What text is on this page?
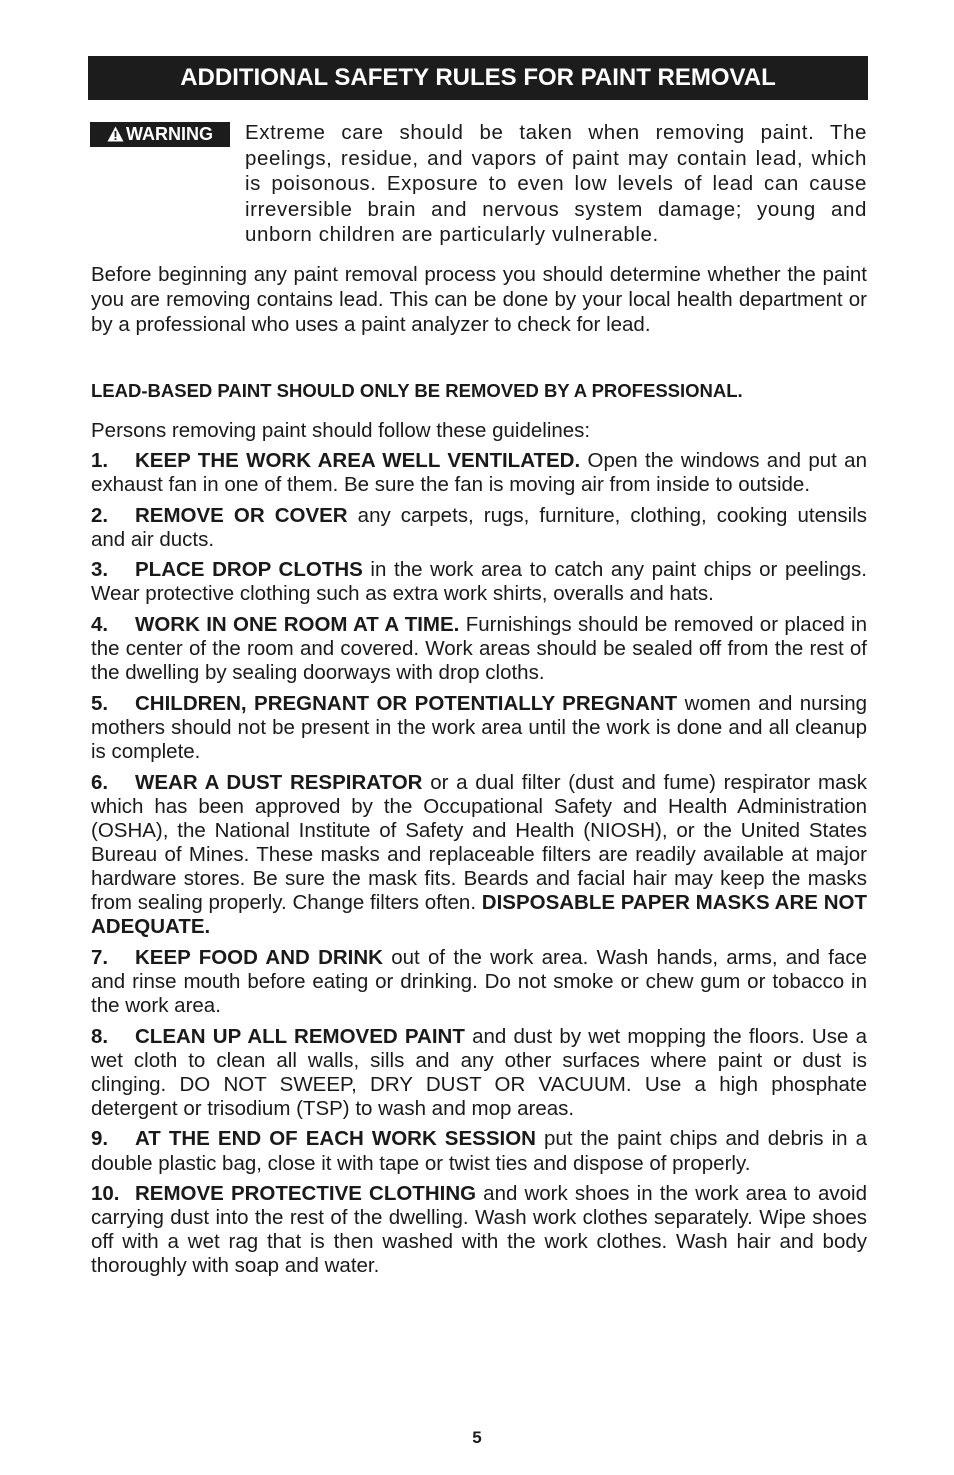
ADDITIONAL SAFETY RULES FOR PAINT REMOVAL
WARNING	Extreme care should be taken when removing paint. The peelings, residue, and vapors of paint may contain lead, which is poisonous. Exposure to even low levels of lead can cause irreversible brain and nervous system damage; young and unborn children are particularly vulnerable.
Before beginning any paint removal process you should determine whether the paint you are removing contains lead. This can be done by your local health department or by a professional who uses a paint analyzer to check for lead.
LEAD-BASED PAINT SHOULD ONLY BE REMOVED BY A PROFESSIONAL.
Persons removing paint should follow these guidelines:
1. KEEP THE WORK AREA WELL VENTILATED. Open the windows and put an exhaust fan in one of them. Be sure the fan is moving air from inside to outside.
2. REMOVE OR COVER any carpets, rugs, furniture, clothing, cooking utensils and air ducts.
3. PLACE DROP CLOTHS in the work area to catch any paint chips or peelings. Wear protective clothing such as extra work shirts, overalls and hats.
4. WORK IN ONE ROOM AT A TIME. Furnishings should be removed or placed in the center of the room and covered. Work areas should be sealed off from the rest of the dwelling by sealing doorways with drop cloths.
5. CHILDREN, PREGNANT OR POTENTIALLY PREGNANT women and nursing mothers should not be present in the work area until the work is done and all cleanup is complete.
6. WEAR A DUST RESPIRATOR or a dual filter (dust and fume) respirator mask which has been approved by the Occupational Safety and Health Administration (OSHA), the National Institute of Safety and Health (NIOSH), or the United States Bureau of Mines. These masks and replaceable filters are readily available at major hardware stores. Be sure the mask fits. Beards and facial hair may keep the masks from sealing properly. Change filters often. DISPOSABLE PAPER MASKS ARE NOT ADEQUATE.
7. KEEP FOOD AND DRINK out of the work area. Wash hands, arms, and face and rinse mouth before eating or drinking. Do not smoke or chew gum or tobacco in the work area.
8. CLEAN UP ALL REMOVED PAINT and dust by wet mopping the floors. Use a wet cloth to clean all walls, sills and any other surfaces where paint or dust is clinging. DO NOT SWEEP, DRY DUST OR VACUUM. Use a high phosphate detergent or trisodium (TSP) to wash and mop areas.
9. AT THE END OF EACH WORK SESSION put the paint chips and debris in a double plastic bag, close it with tape or twist ties and dispose of properly.
10. REMOVE PROTECTIVE CLOTHING and work shoes in the work area to avoid carrying dust into the rest of the dwelling. Wash work clothes separately. Wipe shoes off with a wet rag that is then washed with the work clothes. Wash hair and body thoroughly with soap and water.
5
